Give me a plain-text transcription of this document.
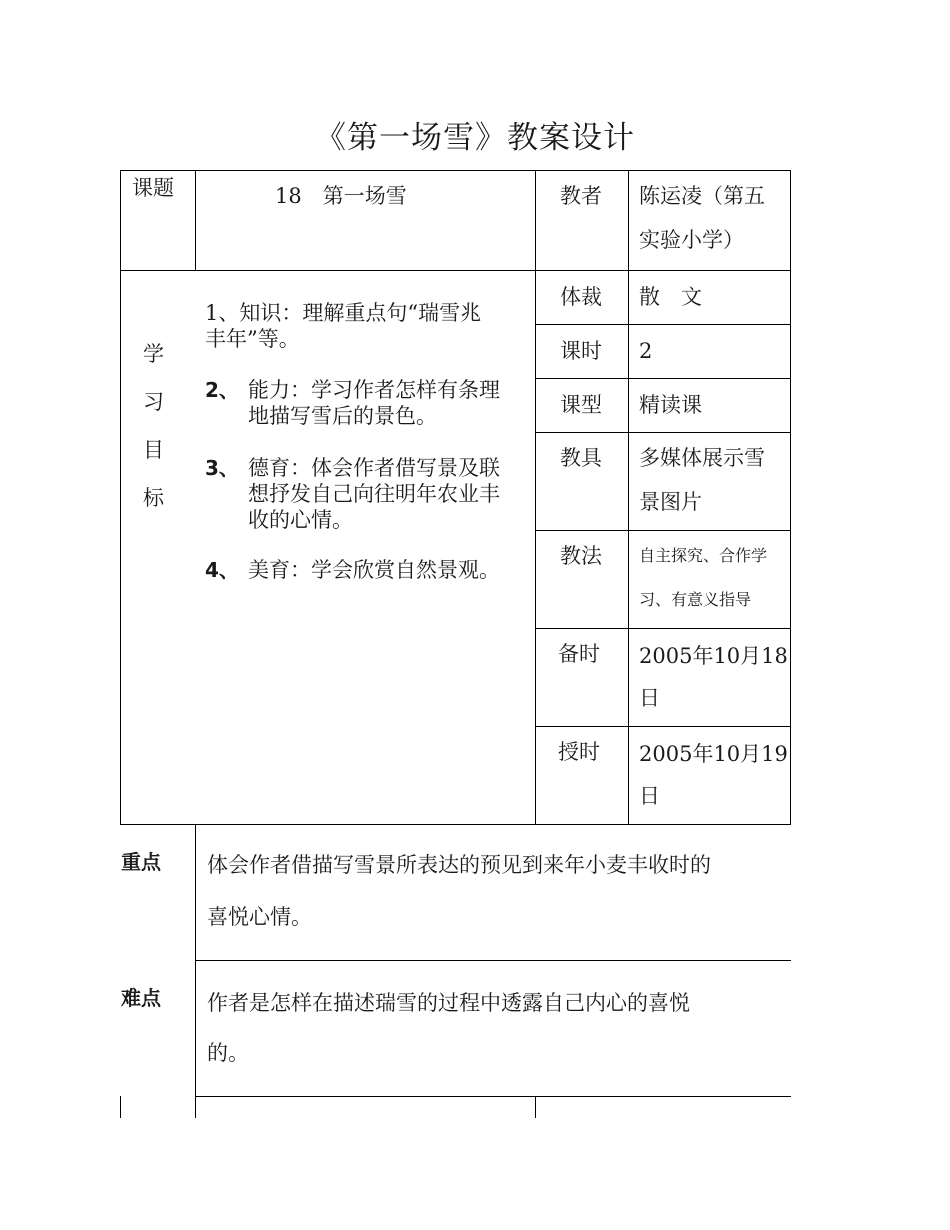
《第一场雪》教案设计
课题	18　第一场雪	教者 陈运凌（第五
实验小学）
学
习
目
标
1、知识：理解重点句“瑞雪兆
丰年”等。
2、 能力：学习作者怎样有条理
地描写雪后的景色。
3、 德育：体会作者借写景及联
想抒发自己向往明年农业丰
收的心情。
4、 美育：学会欣赏自然景观。
体裁 散　文
课时 2
课型 精读课
教具 多媒体展示雪
景图片
教法 自主探究、合作学
习、有意义指导
备时 2005年10月18
日
授时 2005年10月19
日
重点 体会作者借描写雪景所表达的预见到来年小麦丰收时的
喜悦心情。
难点 作者是怎样在描述瑞雪的过程中透露自己内心的喜悦
的。
